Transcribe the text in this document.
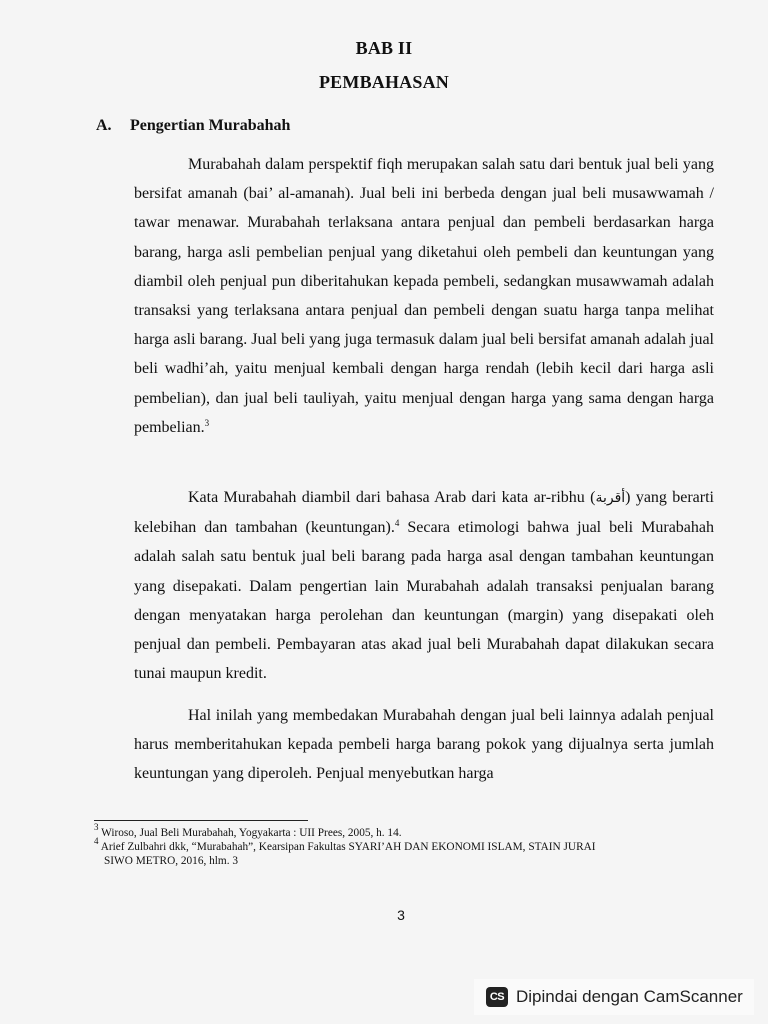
BAB II
PEMBAHASAN
A. Pengertian Murabahah

Murabahah dalam perspektif fiqh merupakan salah satu dari bentuk jual beli yang bersifat amanah (bai’ al-amanah). Jual beli ini berbeda dengan jual beli musawwamah / tawar menawar. Murabahah terlaksana antara penjual dan pembeli berdasarkan harga barang, harga asli pembelian penjual yang diketahui oleh pembeli dan keuntungan yang diambil oleh penjual pun diberitahukan kepada pembeli, sedangkan musawwamah adalah transaksi yang terlaksana antara penjual dan pembeli dengan suatu harga tanpa melihat harga asli barang. Jual beli yang juga termasuk dalam jual beli bersifat amanah adalah jual beli wadhi’ah, yaitu menjual kembali dengan harga rendah (lebih kecil dari harga asli pembelian), dan jual beli tauliyah, yaitu menjual dengan harga yang sama dengan harga pembelian.$^3$

Kata Murabahah diambil dari bahasa Arab dari kata ar-ribhu (أقربة) yang berarti kelebihan dan tambahan (keuntungan).$^4$ Secara etimologi bahwa jual beli Murabahah adalah salah satu bentuk jual beli barang pada harga asal dengan tambahan keuntungan yang disepakati. Dalam pengertian lain Murabahah adalah transaksi penjualan barang dengan menyatakan harga perolehan dan keuntungan (margin) yang disepakati oleh penjual dan pembeli. Pembayaran atas akad jual beli Murabahah dapat dilakukan secara tunai maupun kredit.

Hal inilah yang membedakan Murabahah dengan jual beli lainnya adalah penjual harus memberitahukan kepada pembeli harga barang pokok yang dijualnya serta jumlah keuntungan yang diperoleh. Penjual menyebutkan harga

$^3$ Wiroso, Jual Beli Murabahah, Yogyakarta : UII Prees, 2005, h. 14.

$^4$ Arief Zulbahri dkk, “Murabahah”, Kearsipan Fakultas SYARI’AH DAN EKONOMI ISLAM, STAIN JURAI

SIWO METRO, 2016, hlm. 3

3
CS Dipindai dengan CamScanner
